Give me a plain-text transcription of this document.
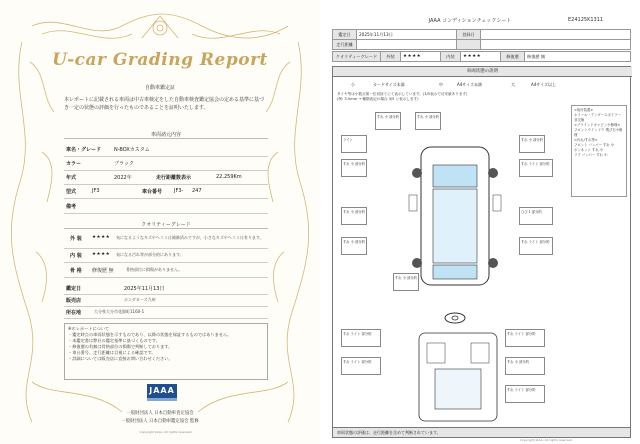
U-car Grading Report
自動車鑑定証
本レポートに記載される車両は中古車検定をした自動車検査鑑定協会の定める基準に基づき一定の状態の評価を行ったものであることを証明いたします。
車両諸元内容
車名・グレード	N-BOXカスタム
カラー	ブラック
年式	2022年	走行距離数表示	22,259Km
型式	JF3	車台番号 JF3- 247
備考
クオリティーグレード
外 装 ★★★★ 気になるようなキズやヘコミは補修済みですが、小さなキズやヘコミは有ります。
内 装 ★★★★ 気になる汚れ等が部分的にあります。
骨 格 修復歴 無	骨格部位に損傷がありません。
鑑定日	2025年11月13日
販売店	ホンダカーズ九州
所在地	大分県大分市花園町1160-1
※ホレポートについて
・鑑定時点の車両状態を示すものであり、以降の状態を保証するものではありません。
・本鑑定書は弊社の鑑定基準に基づくものです。
・修復歴の有無は骨格部位の損傷で判断しております。
・車台番号、走行距離は目視による確認です。
・詳細については販売店に直接お問い合わせください。
JAAA
一般財団法人 日本自動車査定協会
一般財団法人 日本自動車鑑定協会 監修
Copyright JAAA. All rights reserved.
JAAA コンディションチェックシート	E24125K1311
鑑定日	2025年11月13日	登録日	
走行距離			
クオリティーグレード	外装	★★★★	内装	★★★★	修復歴	修復歴 無
車両状態の説明
小	カードサイズ未満	中	A4サイズ未満	大	A4サイズ以上
タイヤ等は小数点第一位切捨てにて表示しています。(3/5表示で目安値あります)
(例: 3.5mm → 種類表記の場合 3/5 と表示します)
すれ 小 部分的	すれ 小 部分的
ライト	すれ 小 部分的
すれ 小 部分的	すれ ライト 部分的
すれ 小 部分的	ひび 1 部分的
すれ 小 部分的	すれ ライト 部分的
すれ 小 部分的
すれ ライト 部分的	すれ ライト 部分的
すれ ライト 部分的	すれ 小 部分的
すれ ライト 部分的
<取付装置>
ホイール・アンダースポイラー 非交換
<ブラインドキャビン小修理>
フロントウインドウ 飛び石小修理
<汚れ/すれ等>
フロント バンパー すれ 小
ボンネット すれ 小
リア バンパー すれ 小
車両状態の評価は、走行距離を含めて判断されています。
Copyright JAAA. All rights reserved.
